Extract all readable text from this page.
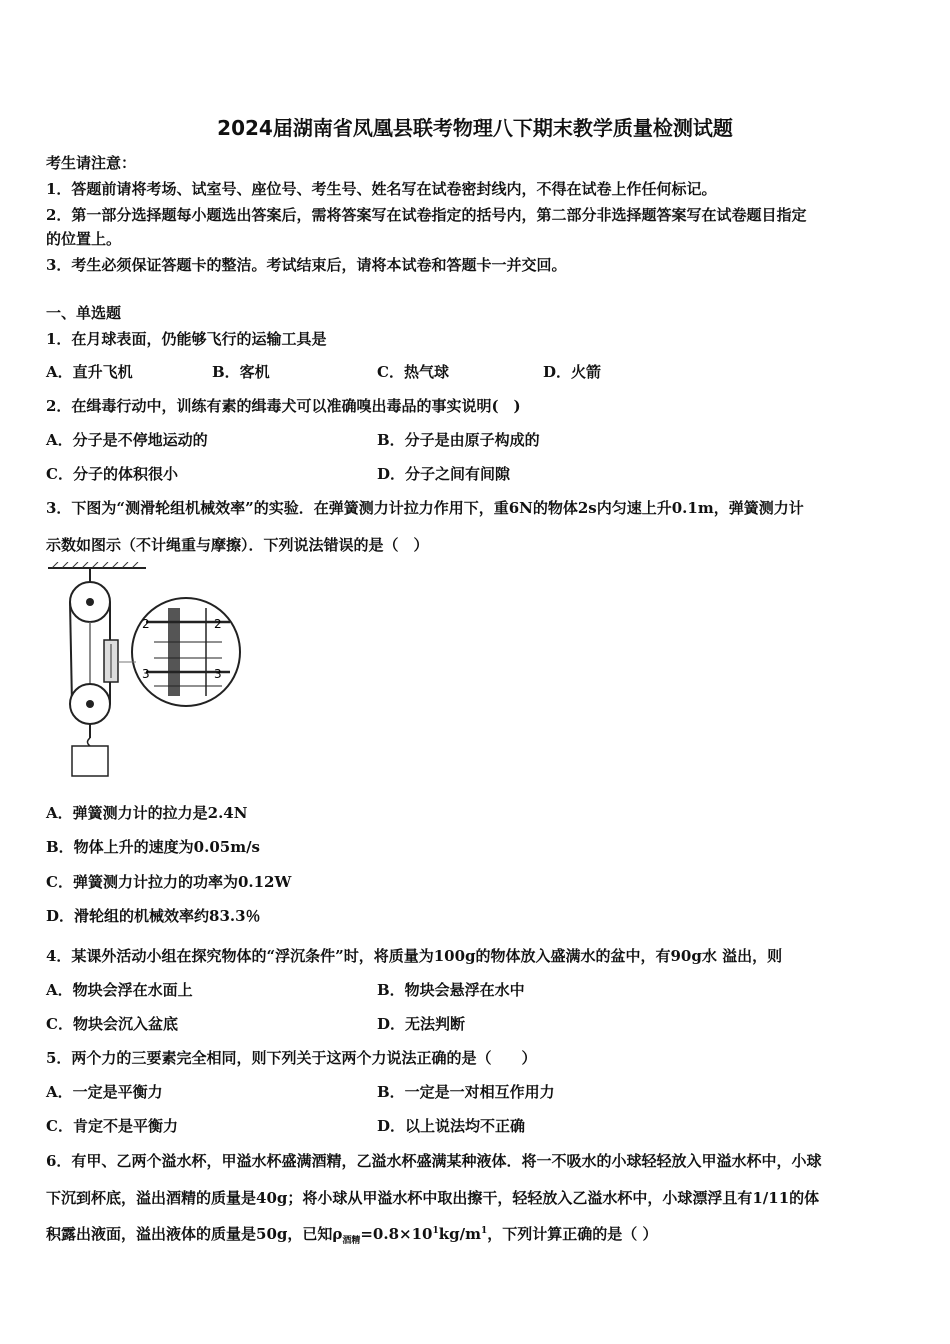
2024届湖南省凤凰县联考物理八下期末教学质量检测试题
考生请注意：
1．答题前请将考场、试室号、座位号、考生号、姓名写在试卷密封线内，不得在试卷上作任何标记。
2．第一部分选择题每小题选出答案后，需将答案写在试卷指定的括号内，第二部分非选择题答案写在试卷题目指定
的位置上。
3．考生必须保证答题卡的整洁。考试结束后，请将本试卷和答题卡一并交回。
一、单选题
1．在月球表面，仍能够飞行的运输工具是
A．直升飞机	B．客机	C．热气球	D．火箭
2．在缉毒行动中，训练有素的缉毒犬可以准确嗅出毒品的事实说明(　)
A．分子是不停地运动的	B．分子是由原子构成的
C．分子的体积很小	D．分子之间有间隙
3．下图为“测滑轮组机械效率”的实验．在弹簧测力计拉力作用下，重6N的物体2s内匀速上升0.1m，弹簧测力计
示数如图示（不计绳重与摩擦）．下列说法错误的是（　）
2	2
3	3
A．弹簧测力计的拉力是2.4N
B．物体上升的速度为0.05m/s
C．弹簧测力计拉力的功率为0.12W
D．滑轮组的机械效率约83.3％
4．某课外活动小组在探究物体的“浮沉条件”时，将质量为100g的物体放入盛满水的盆中，有90g水 溢出，则
A．物块会浮在水面上	B．物块会悬浮在水中
C．物块会沉入盆底	D．无法判断
5．两个力的三要素完全相同，则下列关于这两个力说法正确的是（　　）
A．一定是平衡力	B．一定是一对相互作用力
C．肯定不是平衡力	D．以上说法均不正确
6．有甲、乙两个溢水杯，甲溢水杯盛满酒精，乙溢水杯盛满某种液体．将一不吸水的小球轻轻放入甲溢水杯中，小球
下沉到杯底，溢出酒精的质量是40g；将小球从甲溢水杯中取出擦干，轻轻放入乙溢水杯中，小球漂浮且有1/11的体
积露出液面，溢出液体的质量是50g，已知$\rho_{酒精}=0.8\times 10^1kg/m^1$，下列计算正确的是（ ）
